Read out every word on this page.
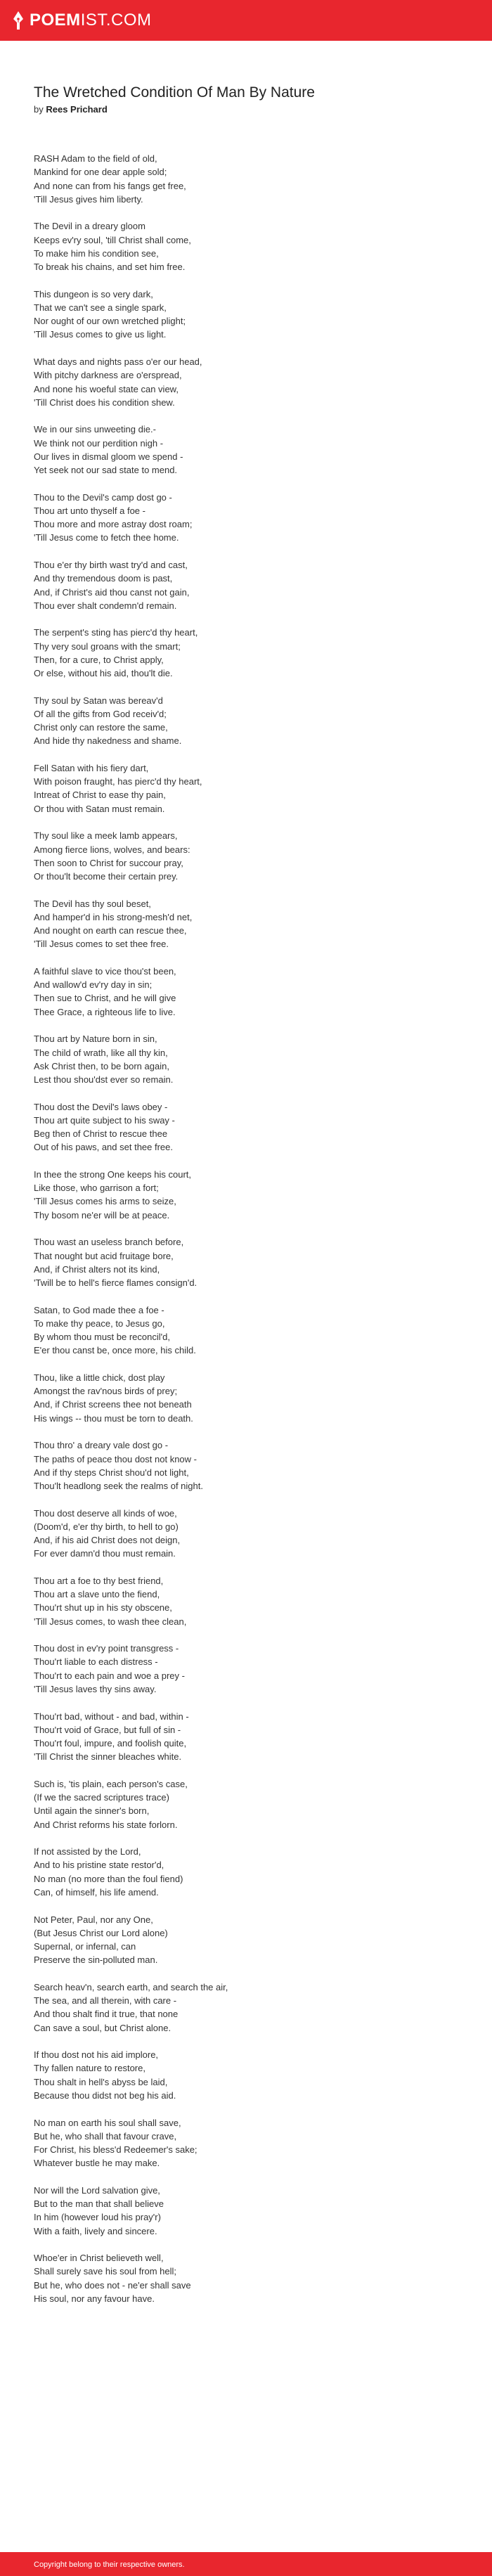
POEMIST.COM
The Wretched Condition Of Man By Nature
by Rees Prichard
RASH Adam to the field of old,
Mankind for one dear apple sold;
And none can from his fangs get free,
'Till Jesus gives him liberty.
The Devil in a dreary gloom
Keeps ev'ry soul, 'till Christ shall come,
To make him his condition see,
To break his chains, and set him free.
This dungeon is so very dark,
That we can't see a single spark,
Nor ought of our own wretched plight;
'Till Jesus comes to give us light.
What days and nights pass o'er our head,
With pitchy darkness are o'erspread,
And none his woeful state can view,
'Till Christ does his condition shew.
We in our sins unweeting die.-
We think not our perdition nigh -
Our lives in dismal gloom we spend -
Yet seek not our sad state to mend.
Thou to the Devil's camp dost go -
Thou art unto thyself a foe -
Thou more and more astray dost roam;
'Till Jesus come to fetch thee home.
Thou e'er thy birth wast try'd and cast,
And thy tremendous doom is past,
And, if Christ's aid thou canst not gain,
Thou ever shalt condemn'd remain.
The serpent's sting has pierc'd thy heart,
Thy very soul groans with the smart;
Then, for a cure, to Christ apply,
Or else, without his aid, thou'lt die.
Thy soul by Satan was bereav'd
Of all the gifts from God receiv'd;
Christ only can restore the same,
And hide thy nakedness and shame.
Fell Satan with his fiery dart,
With poison fraught, has pierc'd thy heart,
Intreat of Christ to ease thy pain,
Or thou with Satan must remain.
Thy soul like a meek lamb appears,
Among fierce lions, wolves, and bears:
Then soon to Christ for succour pray,
Or thou'lt become their certain prey.
The Devil has thy soul beset,
And hamper'd in his strong-mesh'd net,
And nought on earth can rescue thee,
'Till Jesus comes to set thee free.
A faithful slave to vice thou'st been,
And wallow'd ev'ry day in sin;
Then sue to Christ, and he will give
Thee Grace, a righteous life to live.
Thou art by Nature born in sin,
The child of wrath, like all thy kin,
Ask Christ then, to be born again,
Lest thou shou'dst ever so remain.
Thou dost the Devil's laws obey -
Thou art quite subject to his sway -
Beg then of Christ to rescue thee
Out of his paws, and set thee free.
In thee the strong One keeps his court,
Like those, who garrison a fort;
'Till Jesus comes his arms to seize,
Thy bosom ne'er will be at peace.
Thou wast an useless branch before,
That nought but acid fruitage bore,
And, if Christ alters not its kind,
'Twill be to hell's fierce flames consign'd.
Satan, to God made thee a foe -
To make thy peace, to Jesus go,
By whom thou must be reconcil'd,
E'er thou canst be, once more, his child.
Thou, like a little chick, dost play
Amongst the rav'nous birds of prey;
And, if Christ screens thee not beneath
His wings -- thou must be torn to death.
Thou thro' a dreary vale dost go -
The paths of peace thou dost not know -
And if thy steps Christ shou'd not light,
Thou'lt headlong seek the realms of night.
Thou dost deserve all kinds of woe,
(Doom'd, e'er thy birth, to hell to go)
And, if his aid Christ does not deign,
For ever damn'd thou must remain.
Thou art a foe to thy best friend,
Thou art a slave unto the fiend,
Thou'rt shut up in his sty obscene,
'Till Jesus comes, to wash thee clean,
Thou dost in ev'ry point transgress -
Thou'rt liable to each distress -
Thou'rt to each pain and woe a prey -
'Till Jesus laves thy sins away.
Thou'rt bad, without - and bad, within -
Thou'rt void of Grace, but full of sin -
Thou'rt foul, impure, and foolish quite,
'Till Christ the sinner bleaches white.
Such is, 'tis plain, each person's case,
(If we the sacred scriptures trace)
Until again the sinner's born,
And Christ reforms his state forlorn.
If not assisted by the Lord,
And to his pristine state restor'd,
No man (no more than the foul fiend)
Can, of himself, his life amend.
Not Peter, Paul, nor any One,
(But Jesus Christ our Lord alone)
Supernal, or infernal, can
Preserve the sin-polluted man.
Search heav'n, search earth, and search the air,
The sea, and all therein, with care -
And thou shalt find it true, that none
Can save a soul, but Christ alone.
If thou dost not his aid implore,
Thy fallen nature to restore,
Thou shalt in hell's abyss be laid,
Because thou didst not beg his aid.
No man on earth his soul shall save,
But he, who shall that favour crave,
For Christ, his bless'd Redeemer's sake;
Whatever bustle he may make.
Nor will the Lord salvation give,
But to the man that shall believe
In him (however loud his pray'r)
With a faith, lively and sincere.
Whoe'er in Christ believeth well,
Shall surely save his soul from hell;
But he, who does not - ne'er shall save
His soul, nor any favour have.
Copyright belong to their respective owners.
